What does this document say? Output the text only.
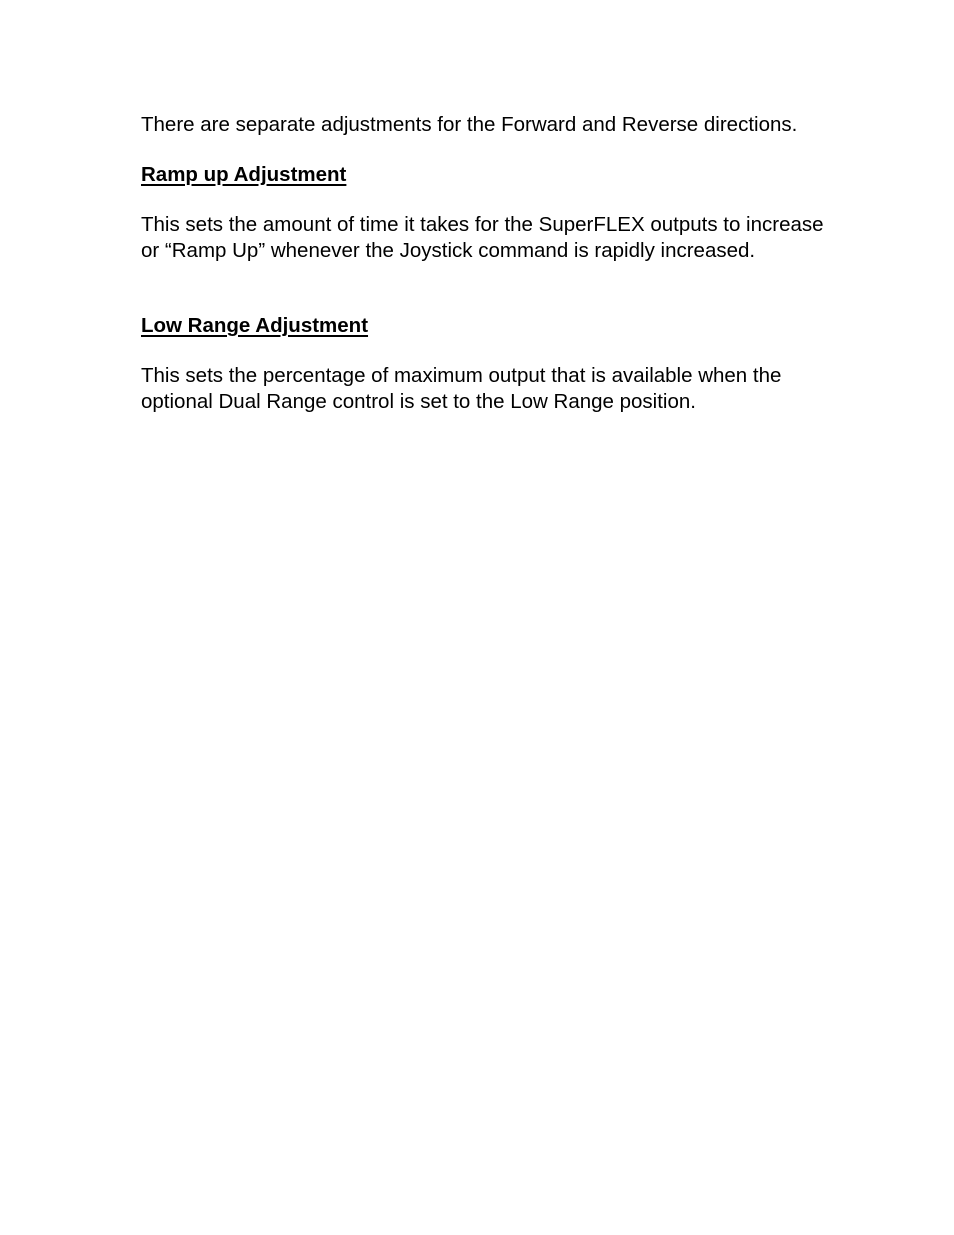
There are separate adjustments for the Forward and Reverse directions.

Ramp up Adjustment

This sets the amount of time it takes for the SuperFLEX outputs to increase
or “Ramp Up” whenever the Joystick command is rapidly increased.

Low Range Adjustment

This sets the percentage of maximum output that is available when the
optional Dual Range control is set to the Low Range position.
